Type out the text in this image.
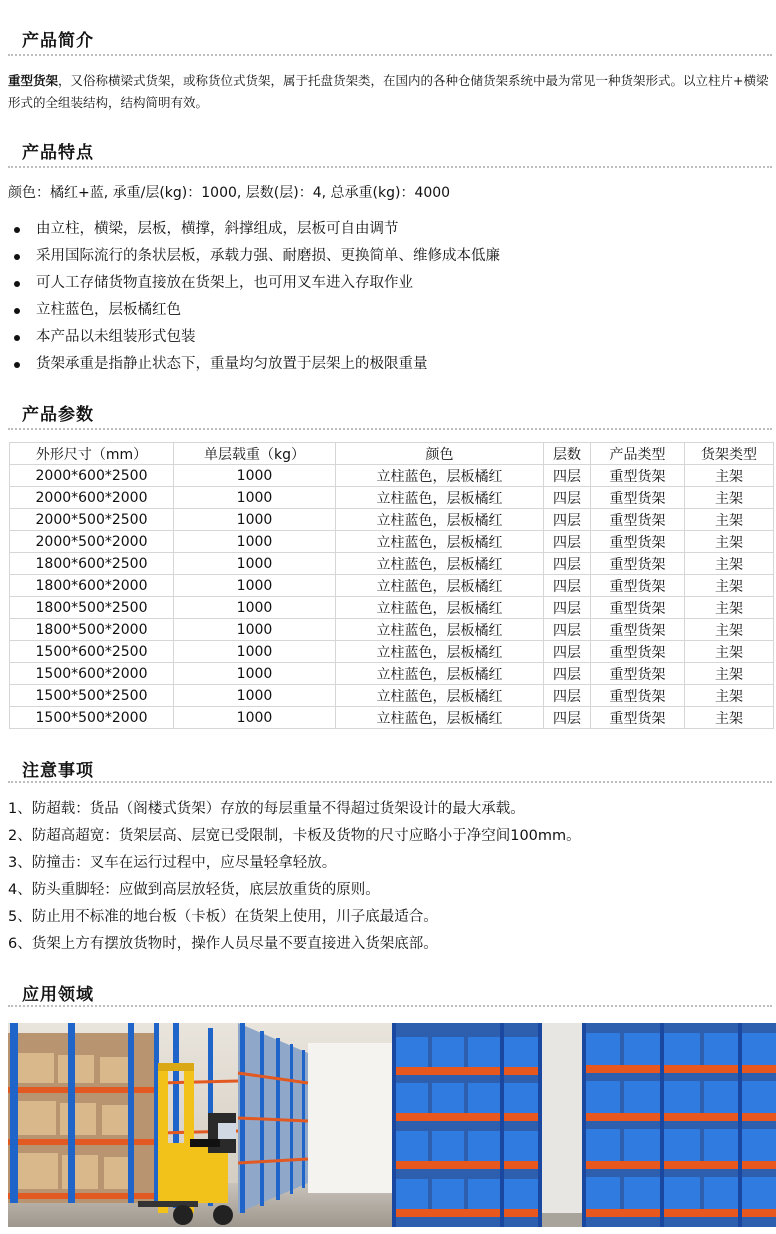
产品简介
重型货架，又俗称横梁式货架，或称货位式货架，属于托盘货架类，在国内的各种仓储货架系统中最为常见一种货架形式。以立柱片+横梁形式的全组装结构，结构简明有效。
产品特点
颜色：橘红+蓝, 承重/层(kg)：1000, 层数(层)：4, 总承重(kg)：4000
由立柱，横梁，层板，横撑，斜撑组成，层板可自由调节
采用国际流行的条状层板，承载力强、耐磨损、更换简单、维修成本低廉
可人工存储货物直接放在货架上，也可用叉车进入存取作业
立柱蓝色，层板橘红色
本产品以未组装形式包装
货架承重是指静止状态下，重量均匀放置于层架上的极限重量
产品参数
外形尺寸（mm）	单层载重（kg）	颜色	层数	产品类型	货架类型
2000*600*2500	1000	立柱蓝色，层板橘红	四层	重型货架	主架
2000*600*2000	1000	立柱蓝色，层板橘红	四层	重型货架	主架
2000*500*2500	1000	立柱蓝色，层板橘红	四层	重型货架	主架
2000*500*2000	1000	立柱蓝色，层板橘红	四层	重型货架	主架
1800*600*2500	1000	立柱蓝色，层板橘红	四层	重型货架	主架
1800*600*2000	1000	立柱蓝色，层板橘红	四层	重型货架	主架
1800*500*2500	1000	立柱蓝色，层板橘红	四层	重型货架	主架
1800*500*2000	1000	立柱蓝色，层板橘红	四层	重型货架	主架
1500*600*2500	1000	立柱蓝色，层板橘红	四层	重型货架	主架
1500*600*2000	1000	立柱蓝色，层板橘红	四层	重型货架	主架
1500*500*2500	1000	立柱蓝色，层板橘红	四层	重型货架	主架
1500*500*2000	1000	立柱蓝色，层板橘红	四层	重型货架	主架
注意事项
1、防超载：货品（阁楼式货架）存放的每层重量不得超过货架设计的最大承载。
2、防超高超宽：货架层高、层宽已受限制，卡板及货物的尺寸应略小于净空间100mm。
3、防撞击：叉车在运行过程中，应尽量轻拿轻放。
4、防头重脚轻：应做到高层放轻货，底层放重货的原则。
5、防止用不标准的地台板（卡板）在货架上使用，川子底最适合。
6、货架上方有摆放货物时，操作人员尽量不要直接进入货架底部。
应用领域
